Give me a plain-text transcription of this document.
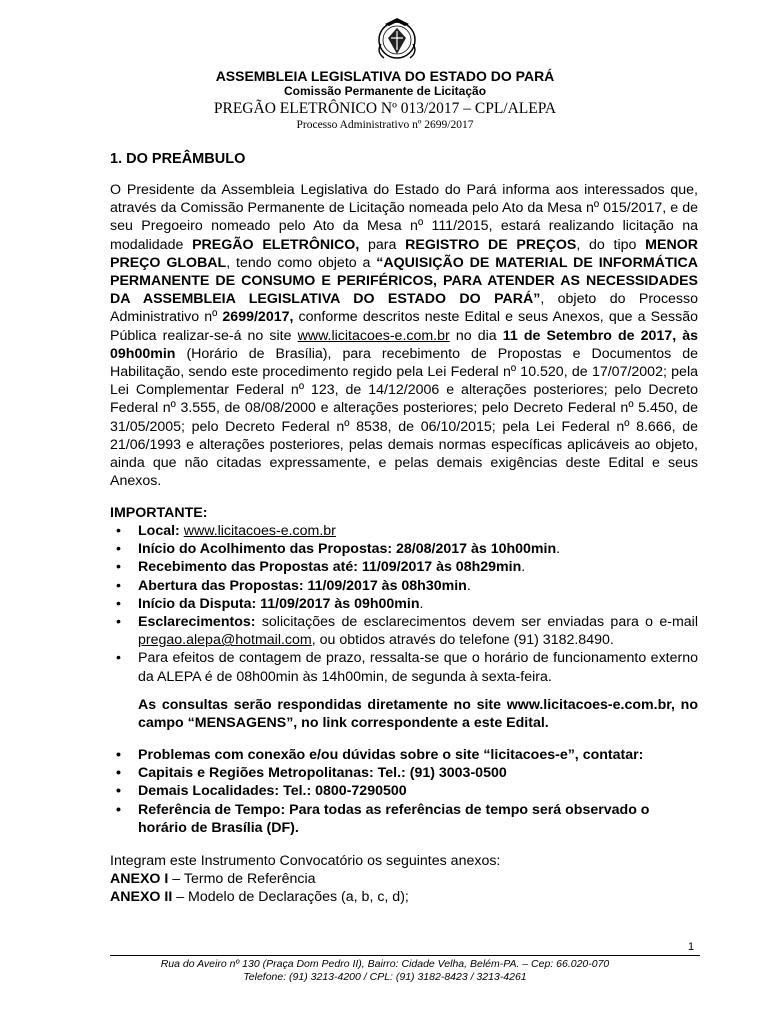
ASSEMBLEIA LEGISLATIVA DO ESTADO DO PARÁ
Comissão Permanente de Licitação
PREGÃO ELETRÔNICO Nº 013/2017 – CPL/ALEPA
Processo Administrativo nº 2699/2017
1. DO PREÂMBULO
O Presidente da Assembleia Legislativa do Estado do Pará informa aos interessados que, através da Comissão Permanente de Licitação nomeada pelo Ato da Mesa nº 015/2017, e de seu Pregoeiro nomeado pelo Ato da Mesa nº 111/2015, estará realizando licitação na modalidade PREGÃO ELETRÔNICO, para REGISTRO DE PREÇOS, do tipo MENOR PREÇO GLOBAL, tendo como objeto a “AQUISIÇÃO DE MATERIAL DE INFORMÁTICA PERMANENTE DE CONSUMO E PERIFÉRICOS, PARA ATENDER AS NECESSIDADES DA ASSEMBLEIA LEGISLATIVA DO ESTADO DO PARÁ”, objeto do Processo Administrativo nº 2699/2017, conforme descritos neste Edital e seus Anexos, que a Sessão Pública realizar-se-á no site www.licitacoes-e.com.br no dia 11 de Setembro de 2017, às 09h00min (Horário de Brasília), para recebimento de Propostas e Documentos de Habilitação, sendo este procedimento regido pela Lei Federal nº 10.520, de 17/07/2002; pela Lei Complementar Federal nº 123, de 14/12/2006 e alterações posteriores; pelo Decreto Federal nº 3.555, de 08/08/2000 e alterações posteriores; pelo Decreto Federal nº 5.450, de 31/05/2005; pelo Decreto Federal nº 8538, de 06/10/2015; pela Lei Federal nº 8.666, de 21/06/1993 e alterações posteriores, pelas demais normas específicas aplicáveis ao objeto, ainda que não citadas expressamente, e pelas demais exigências deste Edital e seus Anexos.
IMPORTANTE:
• Local: www.licitacoes-e.com.br
• Início do Acolhimento das Propostas: 28/08/2017 às 10h00min.
• Recebimento das Propostas até: 11/09/2017 às 08h29min.
• Abertura das Propostas: 11/09/2017 às 08h30min.
• Início da Disputa: 11/09/2017 às 09h00min.
• Esclarecimentos: solicitações de esclarecimentos devem ser enviadas para o e-mail pregao.alepa@hotmail.com, ou obtidos através do telefone (91) 3182.8490.
• Para efeitos de contagem de prazo, ressalta-se que o horário de funcionamento externo da ALEPA é de 08h00min às 14h00min, de segunda à sexta-feira.
As consultas serão respondidas diretamente no site www.licitacoes-e.com.br, no campo “MENSAGENS”, no link correspondente a este Edital.
• Problemas com conexão e/ou dúvidas sobre o site “licitacoes-e”, contatar:
• Capitais e Regiões Metropolitanas: Tel.: (91) 3003-0500
• Demais Localidades: Tel.: 0800-7290500
• Referência de Tempo: Para todas as referências de tempo será observado o horário de Brasília (DF).
Integram este Instrumento Convocatório os seguintes anexos:
ANEXO I – Termo de Referência
ANEXO II – Modelo de Declarações (a, b, c, d);
1
Rua do Aveiro nº 130 (Praça Dom Pedro II), Bairro: Cidade Velha, Belém-PA. – Cep: 66.020-070
Telefone: (91) 3213-4200 / CPL: (91) 3182-8423 / 3213-4261
